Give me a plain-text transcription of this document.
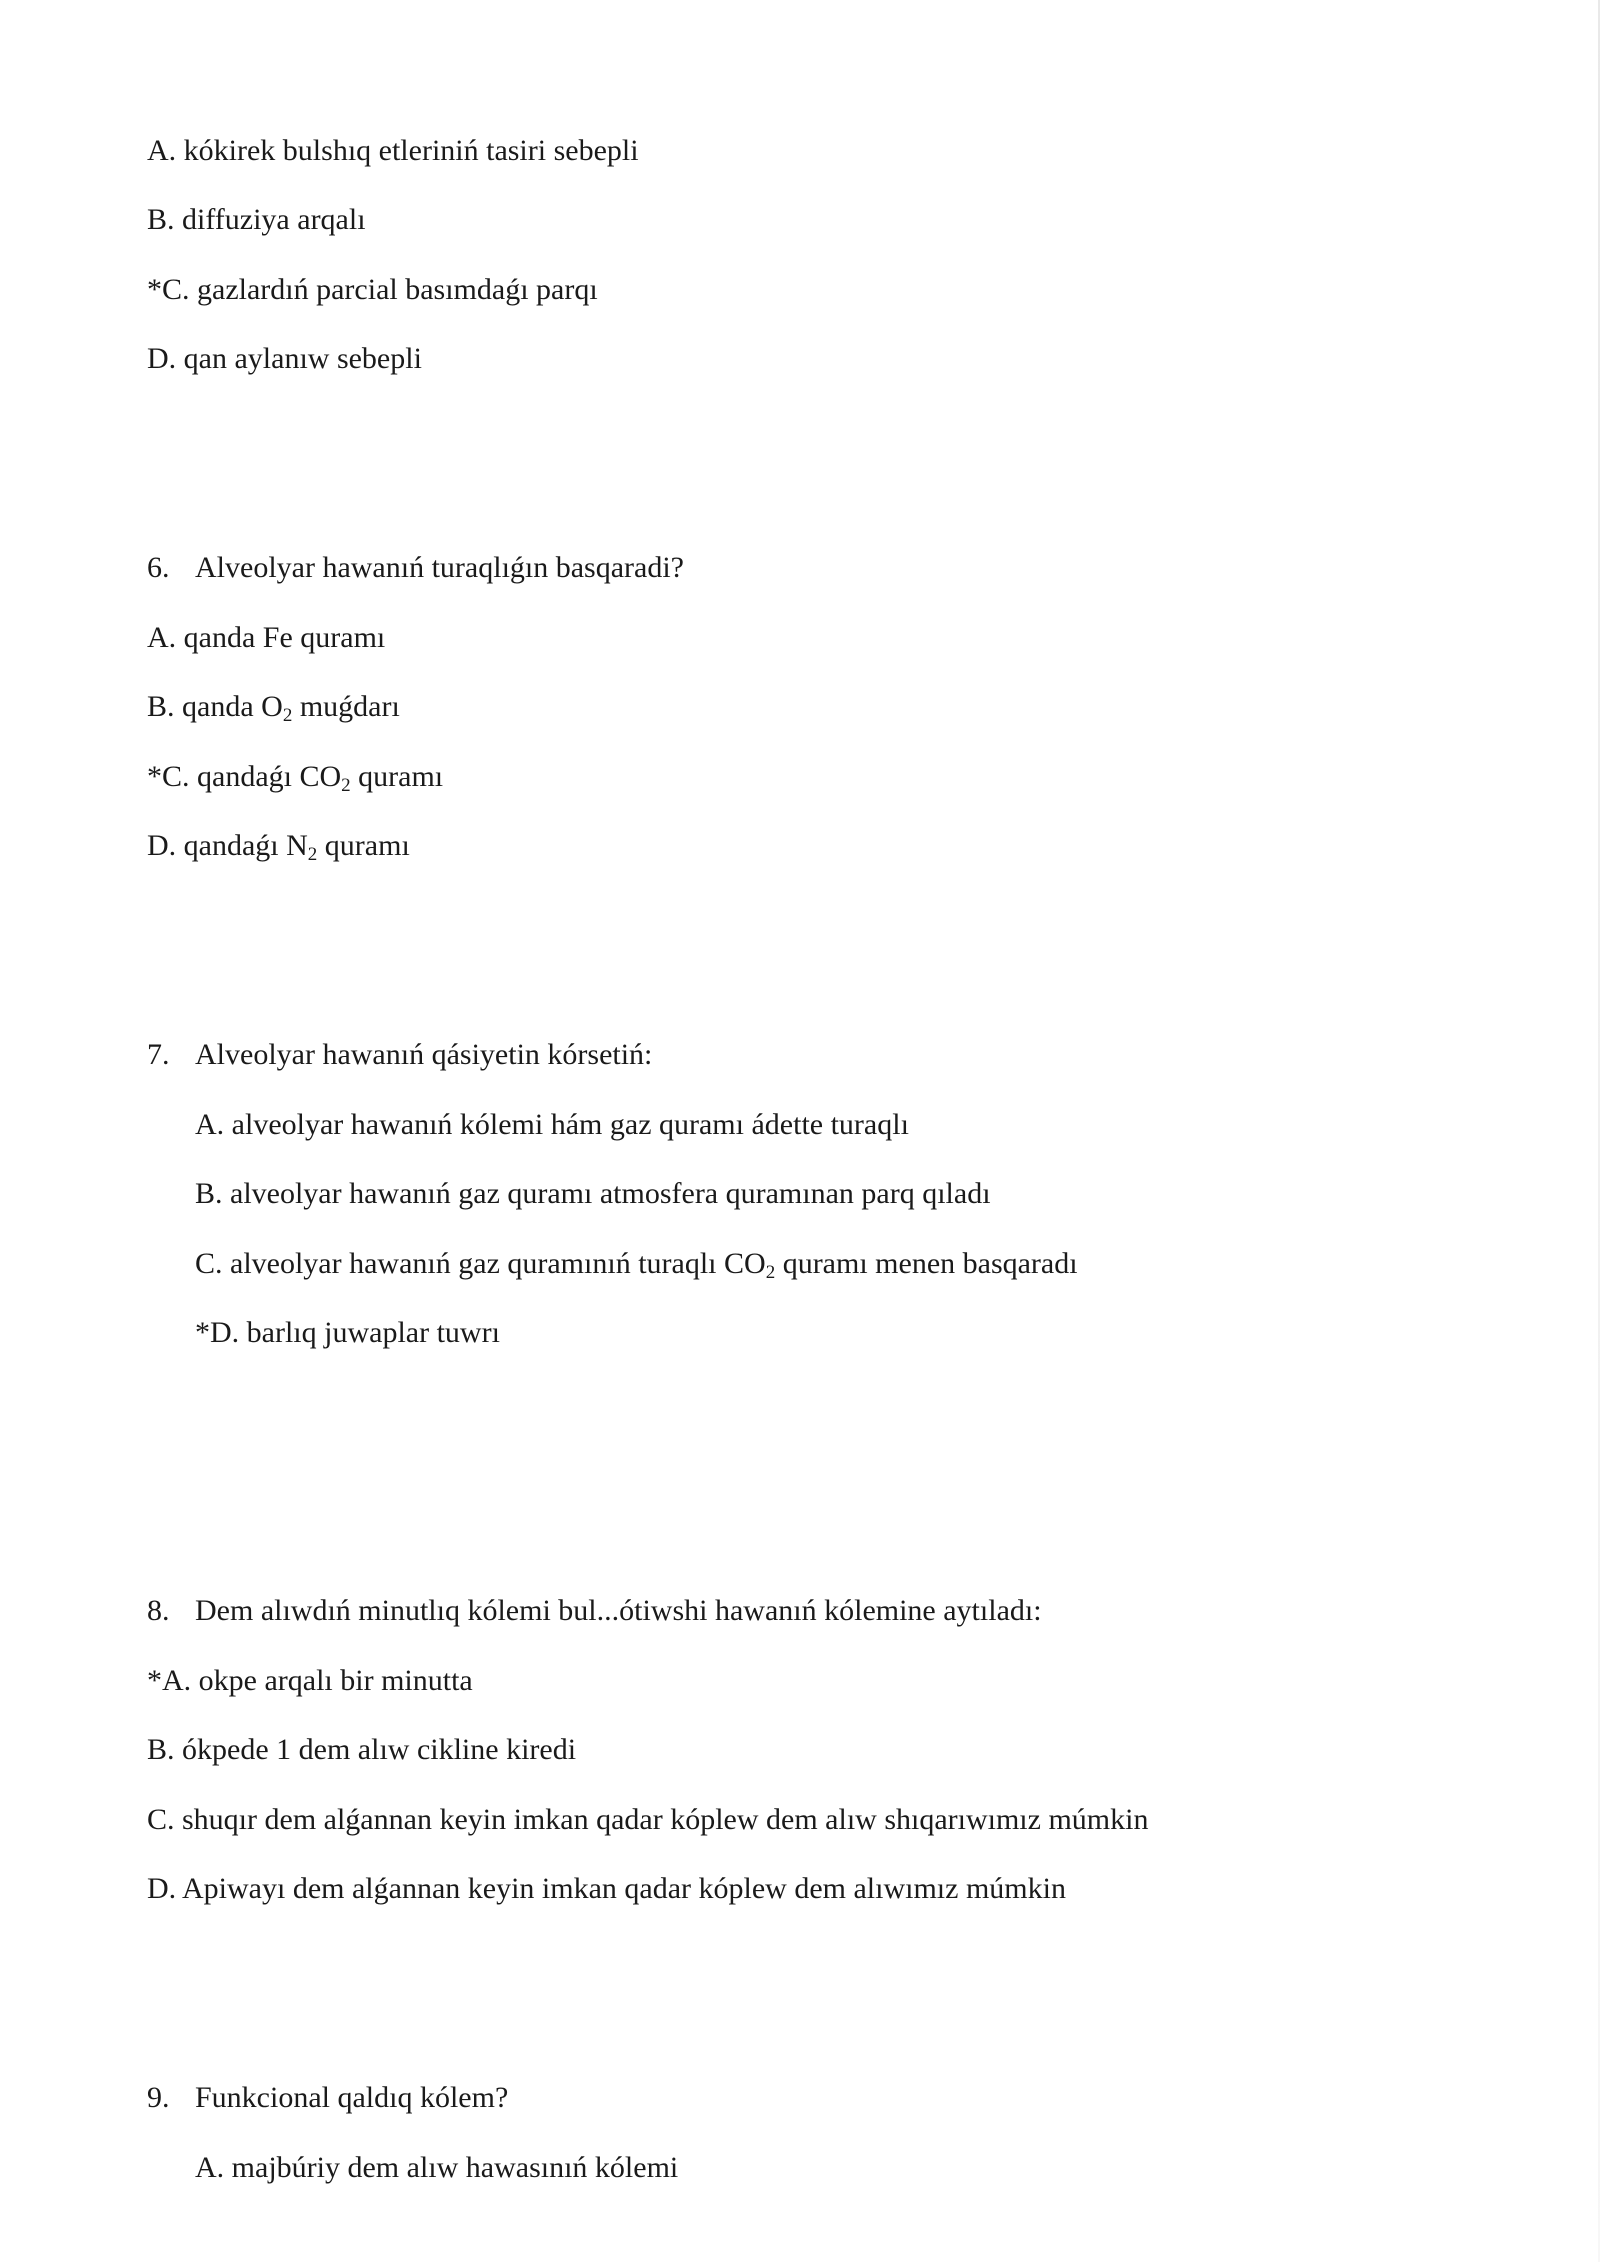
A. kókirek bulshıq etleriniń tasiri sebepli
B. diffuziya arqalı
*C. gazlardıń parcial basımdaǵı parqı
D. qan aylanıw sebepli
6. Alveolyar hawanıń turaqlıǵın basqaradi?
A. qanda Fe quramı
B. qanda $O_2$ muǵdarı
*C. qandaǵı $CO_2$ quramı
D. qandaǵı $N_2$ quramı
7. Alveolyar hawanıń qásiyetin kórsetiń:
A. alveolyar hawanıń kólemi hám gaz quramı ádette turaqlı
B. alveolyar hawanıń gaz quramı atmosfera quramınan parq qıladı
C. alveolyar hawanıń gaz quramınıń turaqlı $CO_2$ quramı menen basqaradı
*D. barlıq juwaplar tuwrı
8. Dem alıwdıń minutlıq kólemi bul...ótiwshi hawanıń kólemine aytıladı:
*A. okpe arqalı bir minutta
B. ókpede 1 dem alıw cikline kiredi
C. shuqır dem alǵannan keyin imkan qadar kóplew dem alıw shıqarıwımız múmkin
D. Apiwayı dem alǵannan keyin imkan qadar kóplew dem alıwımız múmkin
9. Funkcional qaldıq kólem?
A. majbúriy dem alıw hawasınıń kólemi
